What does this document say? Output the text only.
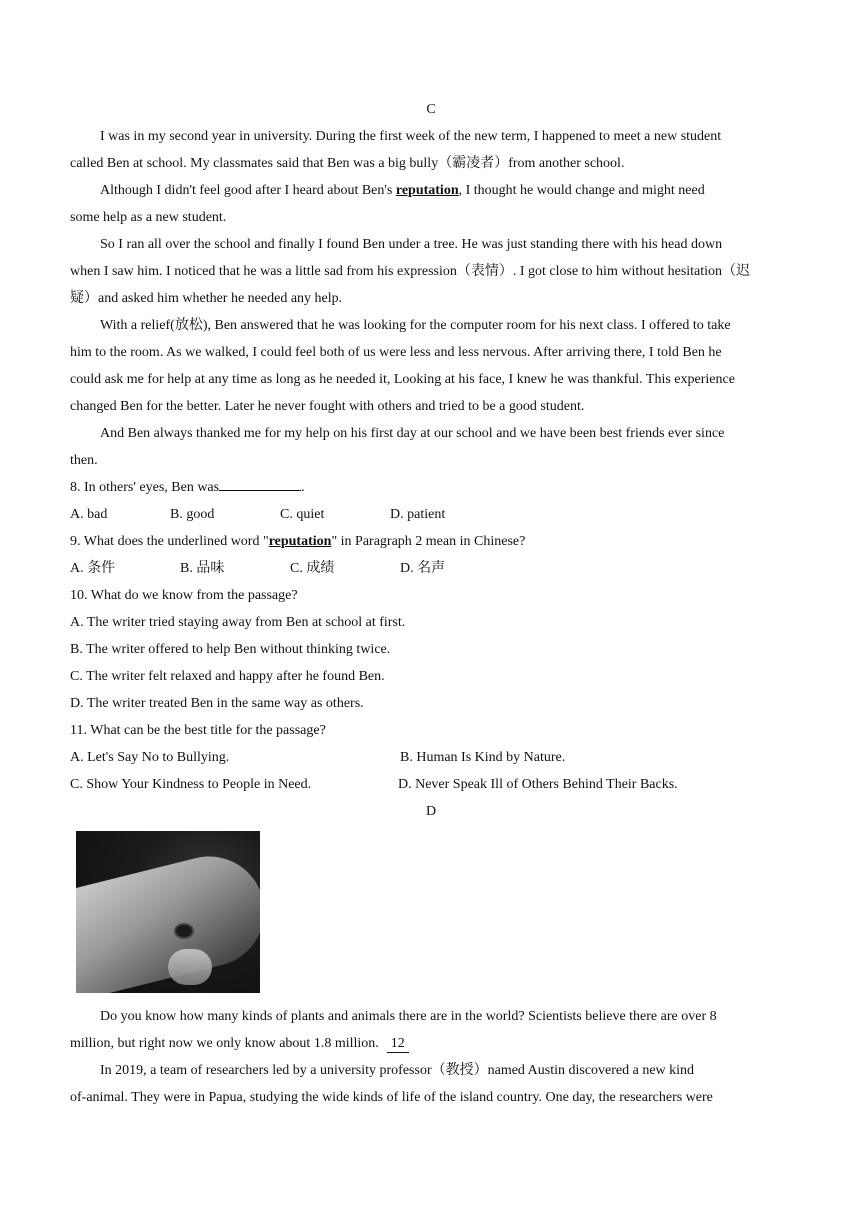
C
I was in my second year in university. During the first week of the new term, I happened to meet a new student
called Ben at school. My classmates said that Ben was a big bully（霸凌者）from another school.
Although I didn't feel good after I heard about Ben's reputation, I thought he would change and might need
some help as a new student.
So I ran all over the school and finally I found Ben under a tree. He was just standing there with his head down
when I saw him. I noticed that he was a little sad from his expression（表情）. I got close to him without hesitation（迟
疑）and asked him whether he needed any help.
With a relief(放松), Ben answered that he was looking for the computer room for his next class. I offered to take
him to the room. As we walked, I could feel both of us were less and less nervous. After arriving there, I told Ben he
could ask me for help at any time as long as he needed it, Looking at his face, I knew he was thankful. This experience
changed Ben for the better. Later he never fought with others and tried to be a good student.
And Ben always thanked me for my help on his first day at our school and we have been best friends ever since
then.
8. In others' eyes, Ben was	.
A. bad	B. good	C. quiet	D. patient
9. What does the underlined word "reputation" in Paragraph 2 mean in Chinese?
A. 条件	B. 品味	C. 成绩	D. 名声
10. What do we know from the passage?
A. The writer tried staying away from Ben at school at first.
B. The writer offered to help Ben without thinking twice.
C. The writer felt relaxed and happy after he found Ben.
D. The writer treated Ben in the same way as others.
11. What can be the best title for the passage?
A. Let's Say No to Bullying.	B. Human Is Kind by Nature.
C. Show Your Kindness to People in Need.	D. Never Speak Ill of Others Behind Their Backs.
D
Do you know how many kinds of plants and animals there are in the world? Scientists believe there are over 8
million, but right now we only know about 1.8 million. 12
In 2019, a team of researchers led by a university professor（教授）named Austin discovered a new kind
of-animal. They were in Papua, studying the wide kinds of life of the island country. One day, the researchers were
